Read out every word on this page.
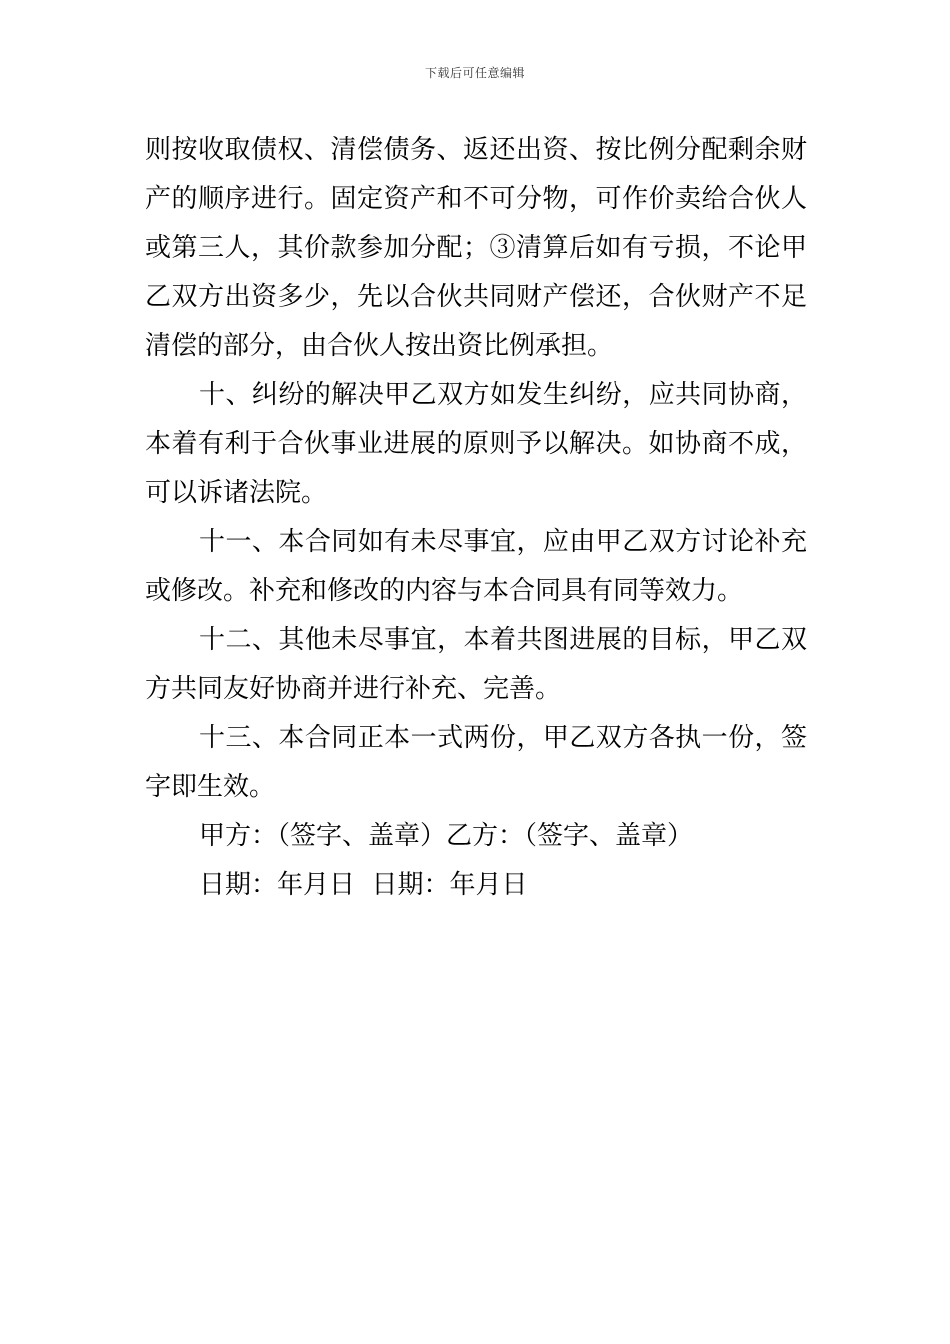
下载后可任意编辑

则按收取债权、清偿债务、返还出资、按比例分配剩余财产的顺序进行。固定资产和不可分物，可作价卖给合伙人或第三人，其价款参加分配；③清算后如有亏损，不论甲乙双方出资多少，先以合伙共同财产偿还，合伙财产不足清偿的部分，由合伙人按出资比例承担。

十、纠纷的解决甲乙双方如发生纠纷，应共同协商，本着有利于合伙事业进展的原则予以解决。如协商不成，可以诉诸法院。

十一、本合同如有未尽事宜，应由甲乙双方讨论补充或修改。补充和修改的内容与本合同具有同等效力。

十二、其他未尽事宜，本着共图进展的目标，甲乙双方共同友好协商并进行补充、完善。

十三、本合同正本一式两份，甲乙双方各执一份，签字即生效。

甲方：（签字、盖章）乙方：（签字、盖章）

日期：年月日  日期：年月日
